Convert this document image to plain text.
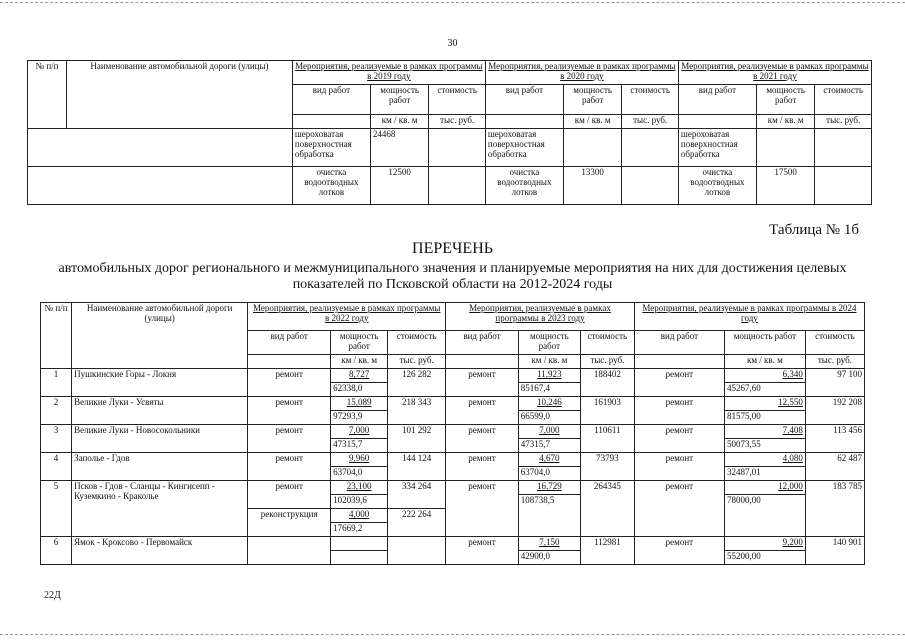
30
№ п/п	Наименование автомобильной дороги (улицы)	Мероприятия, реализуемые в рамках программы в 2019 году			Мероприятия, реализуемые в рамках программы в 2020 году			Мероприятия, реализуемые в рамках программы в 2021 году		
		вид работ	мощность работ	стоимость	вид работ	мощность работ	стоимость	вид работ	мощность работ	стоимость
			км / кв. м	тыс. руб.		км / кв. м	тыс. руб.		км / кв. м	тыс. руб.
		шероховатая поверхностная обработка	24468		шероховатая поверхностная обработка			шероховатая поверхностная обработка		
		очистка водоотводных лотков	12500		очистка водоотводных лотков	13300		очистка водоотводных лотков	17500	
Таблица № 1б
ПЕРЕЧЕНЬ
автомобильных дорог регионального и межмуниципального значения и планируемые мероприятия на них для достижения целевых показателей по Псковской области на 2012-2024 годы
№ п/п	Наименование автомобильной дороги (улицы)	Мероприятия, реализуемые в рамках программы в 2022 году			Мероприятия, реализуемые в рамках программы в 2023 году			Мероприятия, реализуемые в рамках программы в 2024 году		
		вид работ	мощность работ	стоимость	вид работ	мощность работ	стоимость	вид работ	мощность работ	стоимость
			км / кв. м	тыс. руб.		км / кв. м	тыс. руб.		км / кв. м	тыс. руб.
1	Пушкинские Горы - Локня	ремонт	8,727	126 282	ремонт	11,923	188402	ремонт	6,340	97 100
			62338,0			85167,4			45267,60	
2	Великие Луки - Усвяты	ремонт	15,089	218 343	ремонт	10,246	161903	ремонт	12,550	192 208
			97293,9			66599,0			81575,00	
3	Великие Луки - Новосокольники	ремонт	7,000	101 292	ремонт	7,000	110611	ремонт	7,408	113 456
			47315,7			47315,7			50073,55	
4	Заполье - Гдов	ремонт	9,960	144 124	ремонт	4,670	73793	ремонт	4,080	62 487
			63704,0			63704,0			32487,01	
5	Псков - Гдов - Сланцы - Кингисепп - Куземкино - Краколье	ремонт	23,100	334 264	ремонт	16,729	264345	ремонт	12,000	183 785
			102039,6			108738,5			78000,00	
		реконструкция	4,000	222 264						
			17669,2							
6	Ямок - Кроксово - Первомайск				ремонт	7,150	112981	ремонт	9,200	140 901
						42900,0			55200,00	
22Д
